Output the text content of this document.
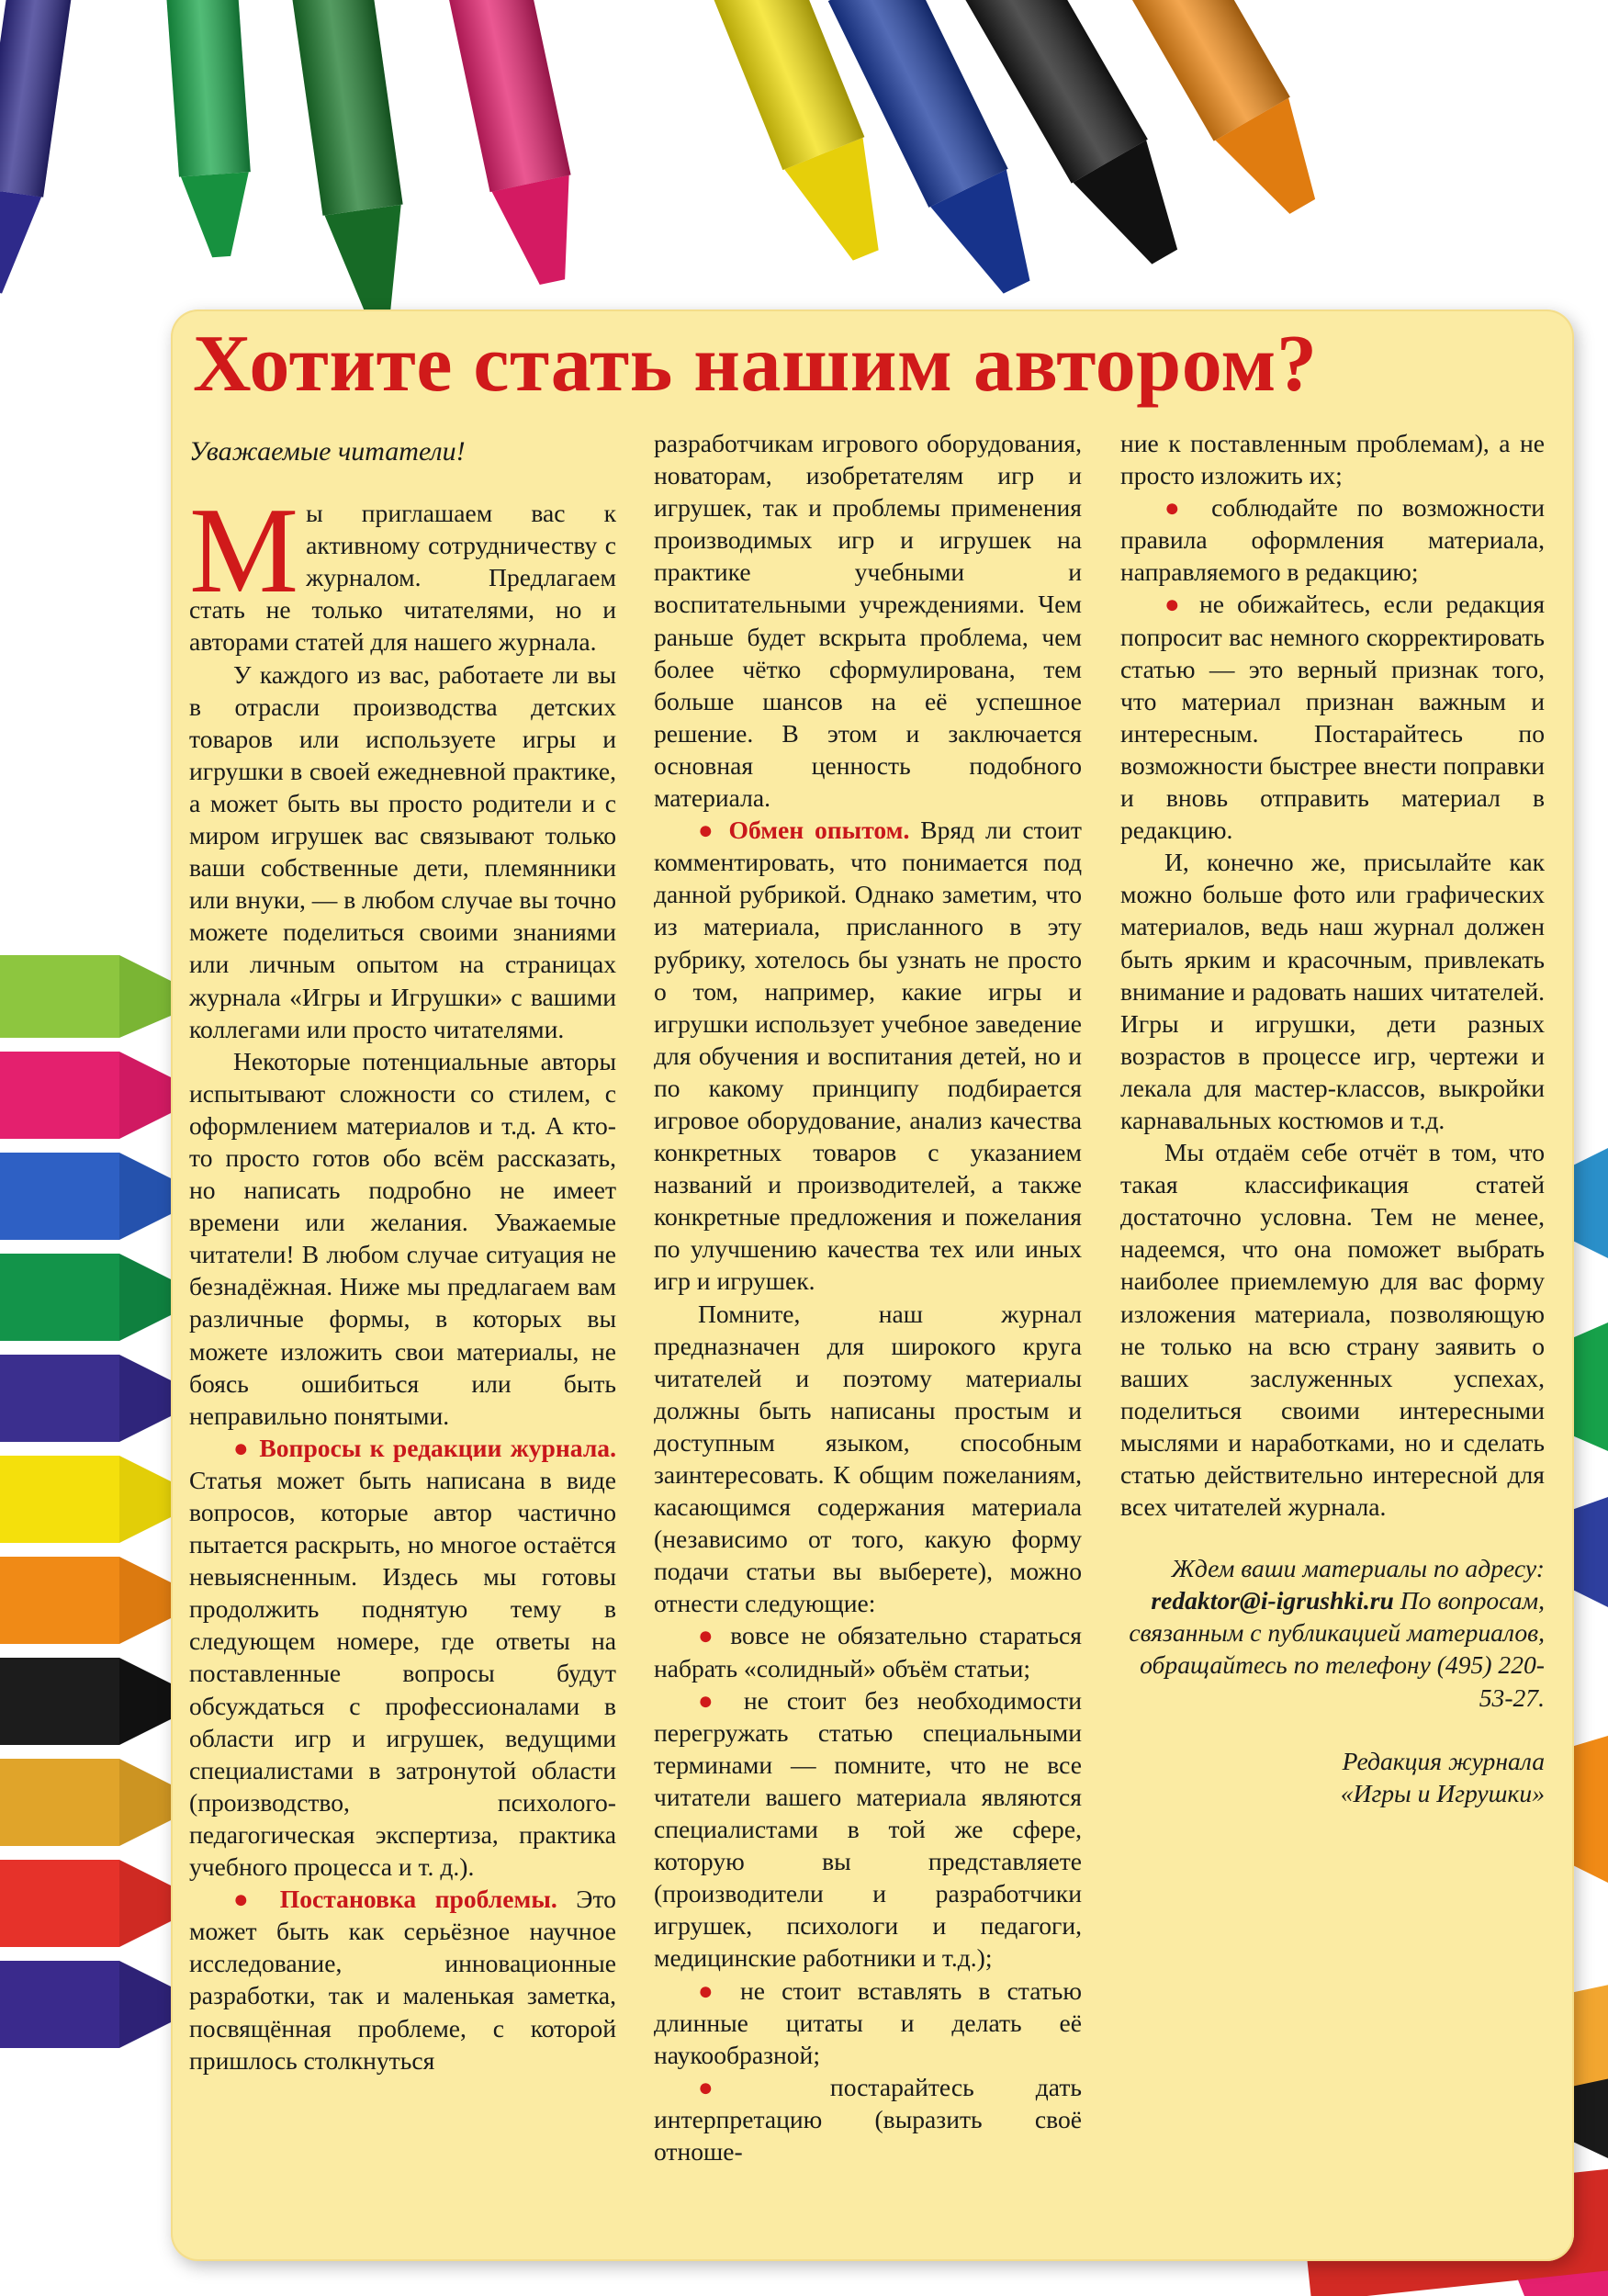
Хотите стать нашим автором?

Уважаемые читатели!

Мы приглашаем вас к активному сотрудничеству с журналом. Предлагаем стать не только читателями, но и авторами статей для нашего журнала.

У каждого из вас, работаете ли вы в отрасли производства детских товаров или используете игры и игрушки в своей ежедневной практике, а может быть вы просто родители и с миром игрушек вас связывают только ваши собственные дети, племянники или внуки, — в любом случае вы точно можете поделиться своими знаниями или личным опытом на страницах журнала «Игры и Игрушки» с вашими коллегами или просто читателями.

Некоторые потенциальные авторы испытывают сложности со стилем, с оформлением материалов и т.д. А кто-то просто готов обо всём рассказать, но написать подробно не имеет времени или желания. Уважаемые читатели! В любом случае ситуация не безнадёжная. Ниже мы предлагаем вам различные формы, в которых вы можете изложить свои материалы, не боясь ошибиться или быть неправильно понятыми.

● Вопросы к редакции журнала. Статья может быть написана в виде вопросов, которые автор частично пытается раскрыть, но многое остаётся невыясненным. Издесь мы готовы продолжить поднятую тему в следующем номере, где ответы на поставленные вопросы будут обсуждаться с профессионалами в области игр и игрушек, ведущими специалистами в затронутой области (производство, психолого-педагогическая экспертиза, практика учебного процесса и т. д.).

● Постановка проблемы. Это может быть как серьёзное научное исследование, инновационные разработки, так и маленькая заметка, посвящённая проблеме, с которой пришлось столкнуться

разработчикам игрового оборудования, новаторам, изобретателям игр и игрушек, так и проблемы применения производимых игр и игрушек на практике учебными и воспитательными учреждениями. Чем раньше будет вскрыта проблема, чем более чётко сформулирована, тем больше шансов на её успешное решение. В этом и заключается основная ценность подобного материала.

● Обмен опытом. Вряд ли стоит комментировать, что понимается под данной рубрикой. Однако заметим, что из материала, присланного в эту рубрику, хотелось бы узнать не просто о том, например, какие игры и игрушки использует учебное заведение для обучения и воспитания детей, но и по какому принципу подбирается игровое оборудование, анализ качества конкретных товаров с указанием названий и производителей, а также конкретные предложения и пожелания по улучшению качества тех или иных игр и игрушек.

Помните, наш журнал предназначен для широкого круга читателей и поэтому материалы должны быть написаны простым и доступным языком, способным заинтересовать. К общим пожеланиям, касающимся содержания материала (независимо от того, какую форму подачи статьи вы выберете), можно отнести следующие:

● вовсе не обязательно стараться набрать «солидный» объём статьи;

● не стоит без необходимости перегружать статью специальными терминами — помните, что не все читатели вашего материала являются специалистами в той же сфере, которую вы представляете (производители и разработчики игрушек, психологи и педагоги, медицинские работники и т.д.);

● не стоит вставлять в статью длинные цитаты и делать её наукообразной;

● постарайтесь дать интерпретацию (выразить своё отноше-

ние к поставленным проблемам), а не просто изложить их;

● соблюдайте по возможности правила оформления материала, направляемого в редакцию;

● не обижайтесь, если редакция попросит вас немного скорректировать статью — это верный признак того, что материал признан важным и интересным. Постарайтесь по возможности быстрее внести поправки и вновь отправить материал в редакцию.

И, конечно же, присылайте как можно больше фото или графических материалов, ведь наш журнал должен быть ярким и красочным, привлекать внимание и радовать наших читателей. Игры и игрушки, дети разных возрастов в процессе игр, чертежи и лекала для мастер-классов, выкройки карнавальных костюмов и т.д.

Мы отдаём себе отчёт в том, что такая классификация статей достаточно условна. Тем не менее, надеемся, что она поможет выбрать наиболее приемлемую для вас форму изложения материала, позволяющую не только на всю страну заявить о ваших заслуженных успехах, поделиться своими интересными мыслями и наработками, но и сделать статью действительно интересной для всех читателей журнала.

Ждем ваши материалы по адресу: redaktor@i-igrushki.ru По вопросам, связанным с публикацией материалов, обращайтесь по телефону (495) 220-53-27.

Редакция журнала
«Игры и Игрушки»
